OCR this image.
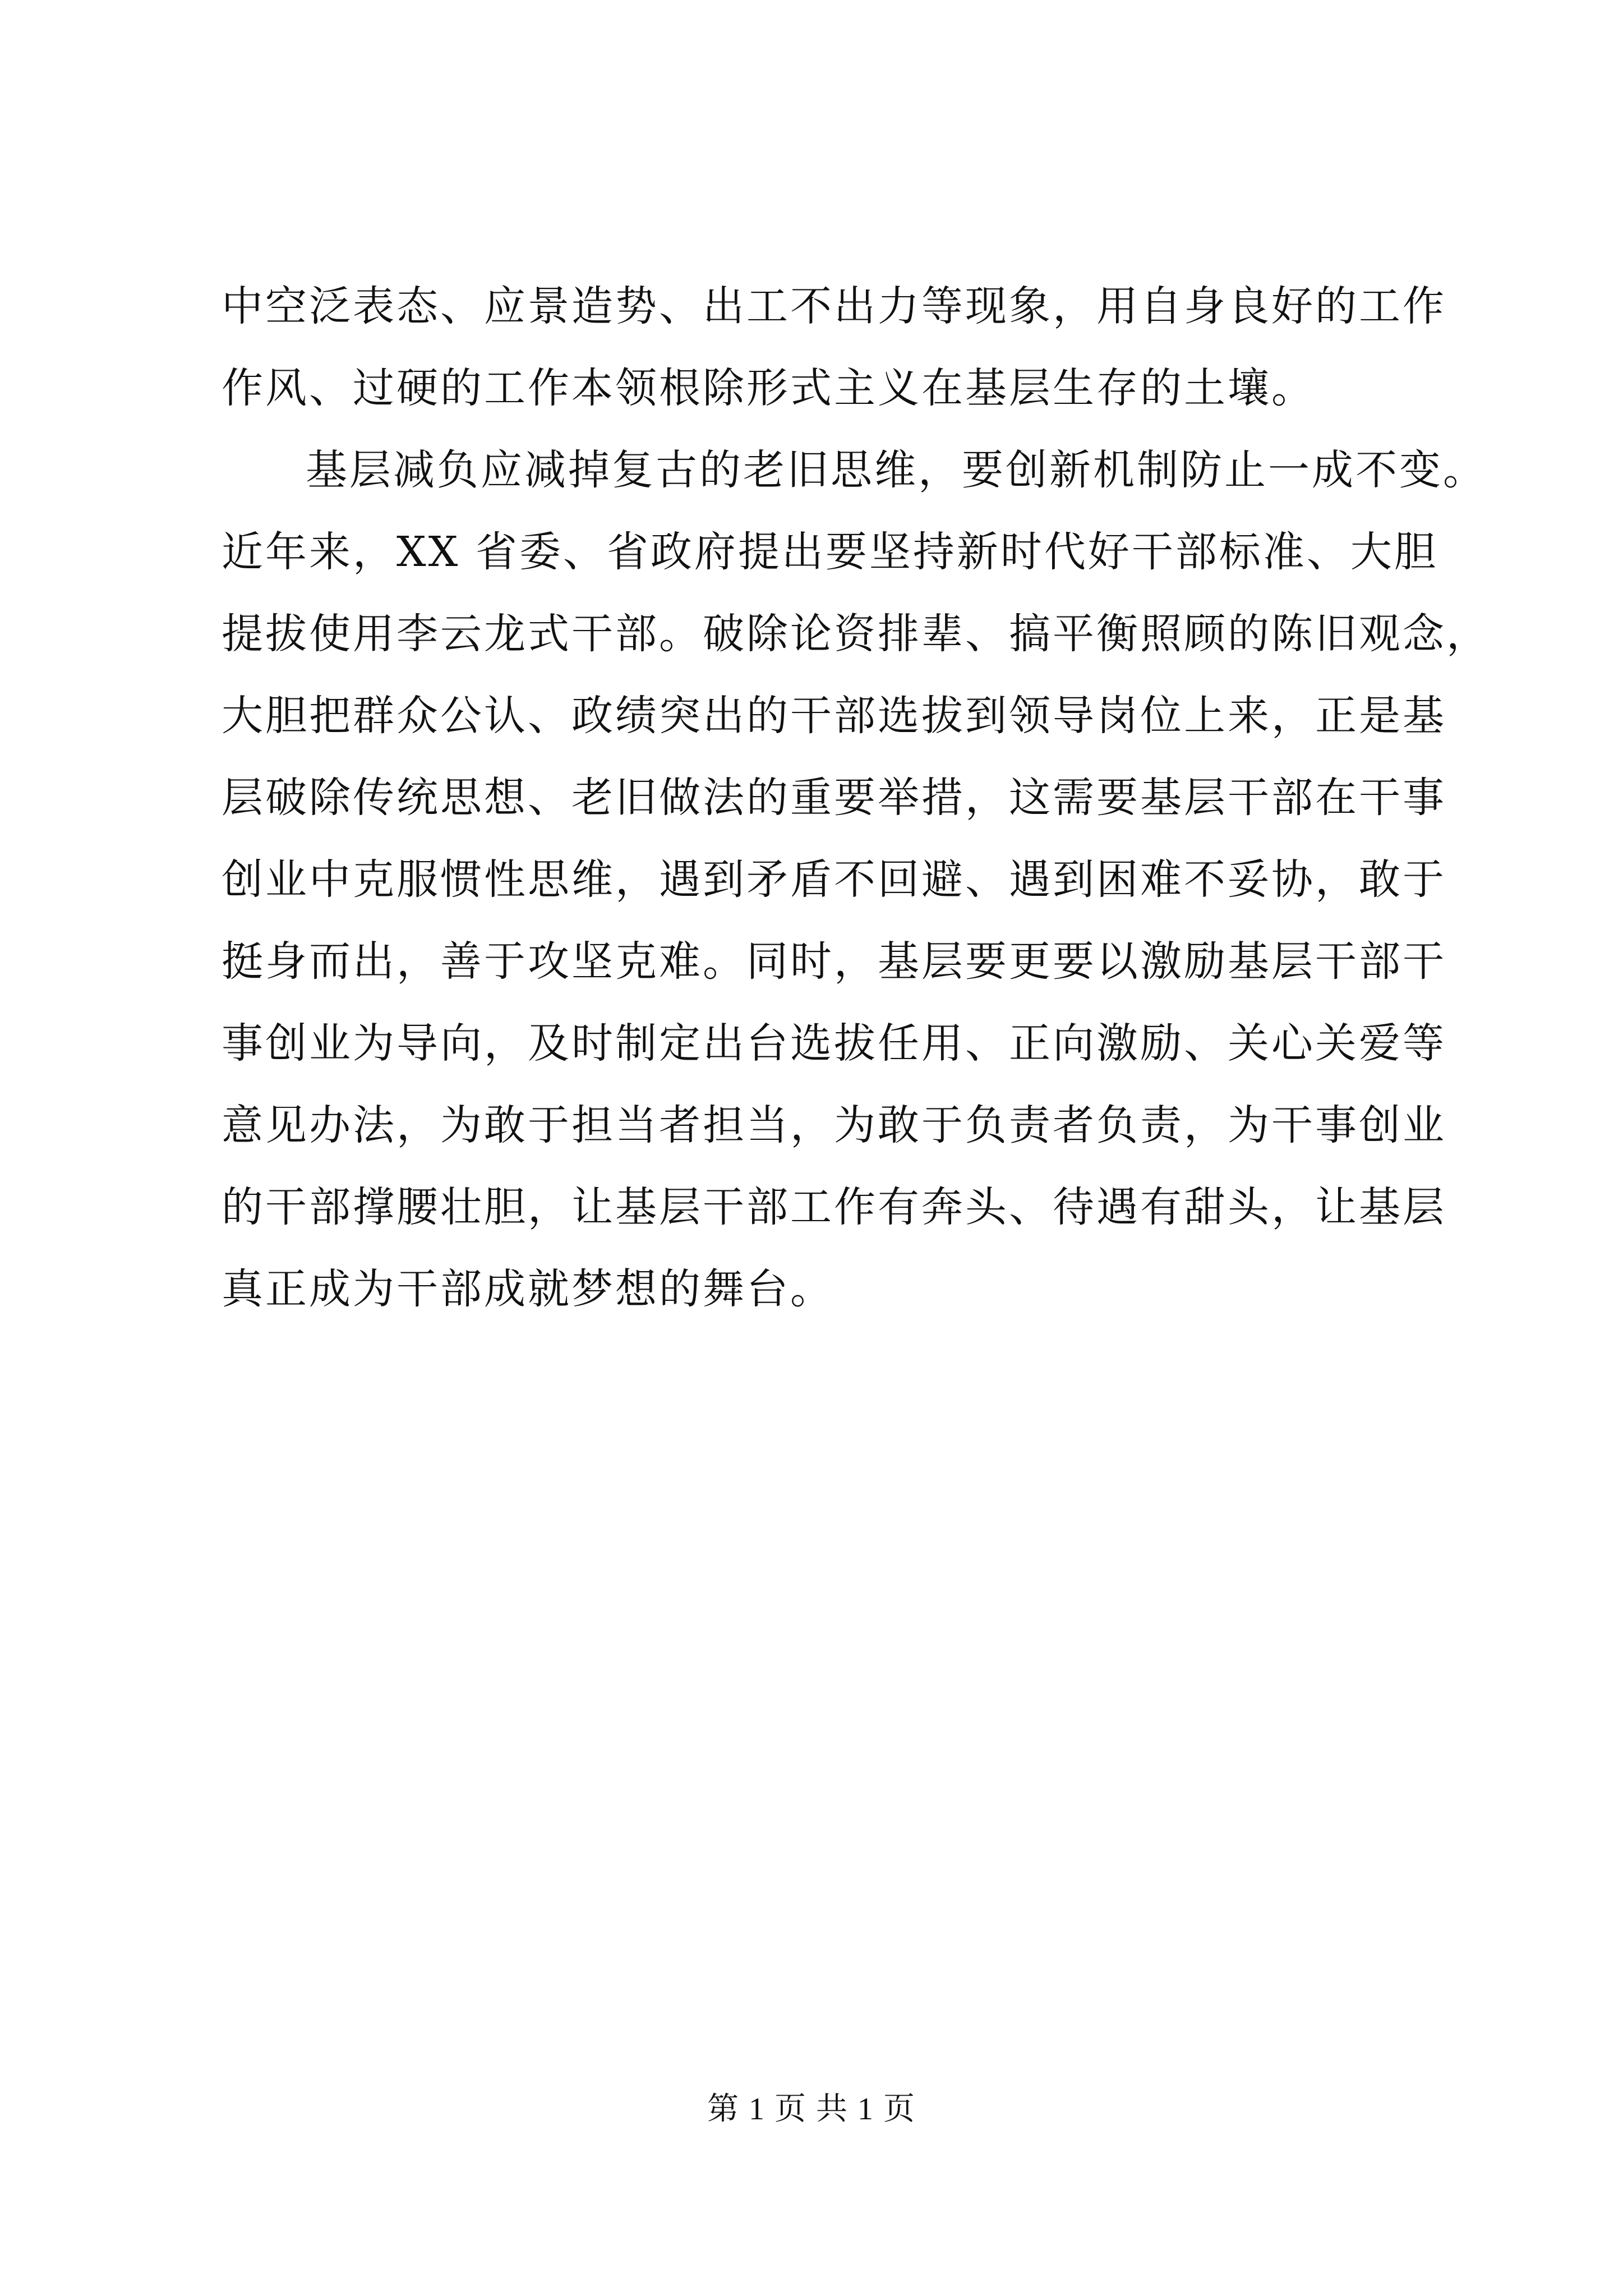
中空泛表态、应景造势、出工不出力等现象，用自身良好的工作
作风、过硬的工作本领根除形式主义在基层生存的土壤。
基层减负应减掉复古的老旧思维，要创新机制防止一成不变。
近年来，XX 省委、省政府提出要坚持新时代好干部标准、大胆
提拔使用李云龙式干部。破除论资排辈、搞平衡照顾的陈旧观念，
大胆把群众公认、政绩突出的干部选拔到领导岗位上来，正是基
层破除传统思想、老旧做法的重要举措，这需要基层干部在干事
创业中克服惯性思维，遇到矛盾不回避、遇到困难不妥协，敢于
挺身而出，善于攻坚克难。同时，基层要更要以激励基层干部干
事创业为导向，及时制定出台选拔任用、正向激励、关心关爱等
意见办法，为敢于担当者担当，为敢于负责者负责，为干事创业
的干部撑腰壮胆，让基层干部工作有奔头、待遇有甜头，让基层
真正成为干部成就梦想的舞台。
第 1 页 共 1 页
